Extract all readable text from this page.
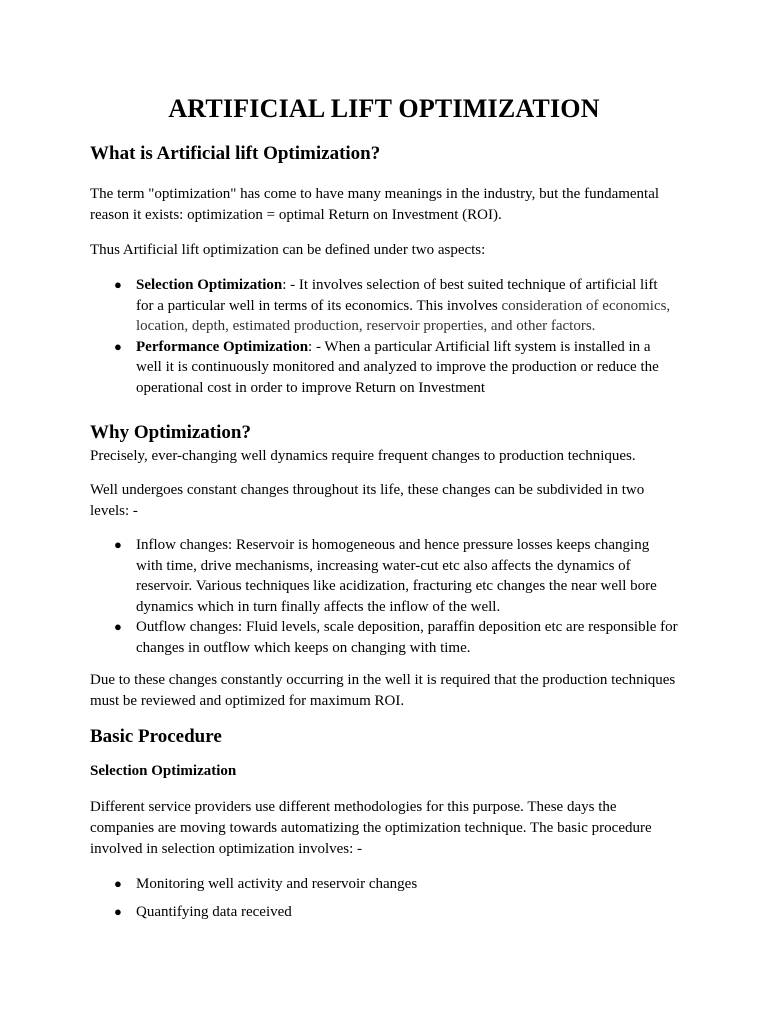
ARTIFICIAL LIFT OPTIMIZATION
What is Artificial lift Optimization?

The term "optimization" has come to have many meanings in the industry, but the fundamental reason it exists: optimization = optimal Return on Investment (ROI).

Thus Artificial lift optimization can be defined under two aspects:

● Selection Optimization: - It involves selection of best suited technique of artificial lift for a particular well in terms of its economics. This involves consideration of economics, location, depth, estimated production, reservoir properties, and other factors.
● Performance Optimization: - When a particular Artificial lift system is installed in a well it is continuously monitored and analyzed to improve the production or reduce the operational cost in order to improve Return on Investment
Why Optimization?

Precisely, ever-changing well dynamics require frequent changes to production techniques.

Well undergoes constant changes throughout its life, these changes can be subdivided in two levels: -

● Inflow changes: Reservoir is homogeneous and hence pressure losses keeps changing with time, drive mechanisms, increasing water-cut etc also affects the dynamics of reservoir. Various techniques like acidization, fracturing etc changes the near well bore dynamics which in turn finally affects the inflow of the well.
● Outflow changes: Fluid levels, scale deposition, paraffin deposition etc are responsible for changes in outflow which keeps on changing with time.

Due to these changes constantly occurring in the well it is required that the production techniques must be reviewed and optimized for maximum ROI.

Basic Procedure
Selection Optimization

Different service providers use different methodologies for this purpose. These days the companies are moving towards automatizing the optimization technique. The basic procedure involved in selection optimization involves: -

● Monitoring well activity and reservoir changes
● Quantifying data received
